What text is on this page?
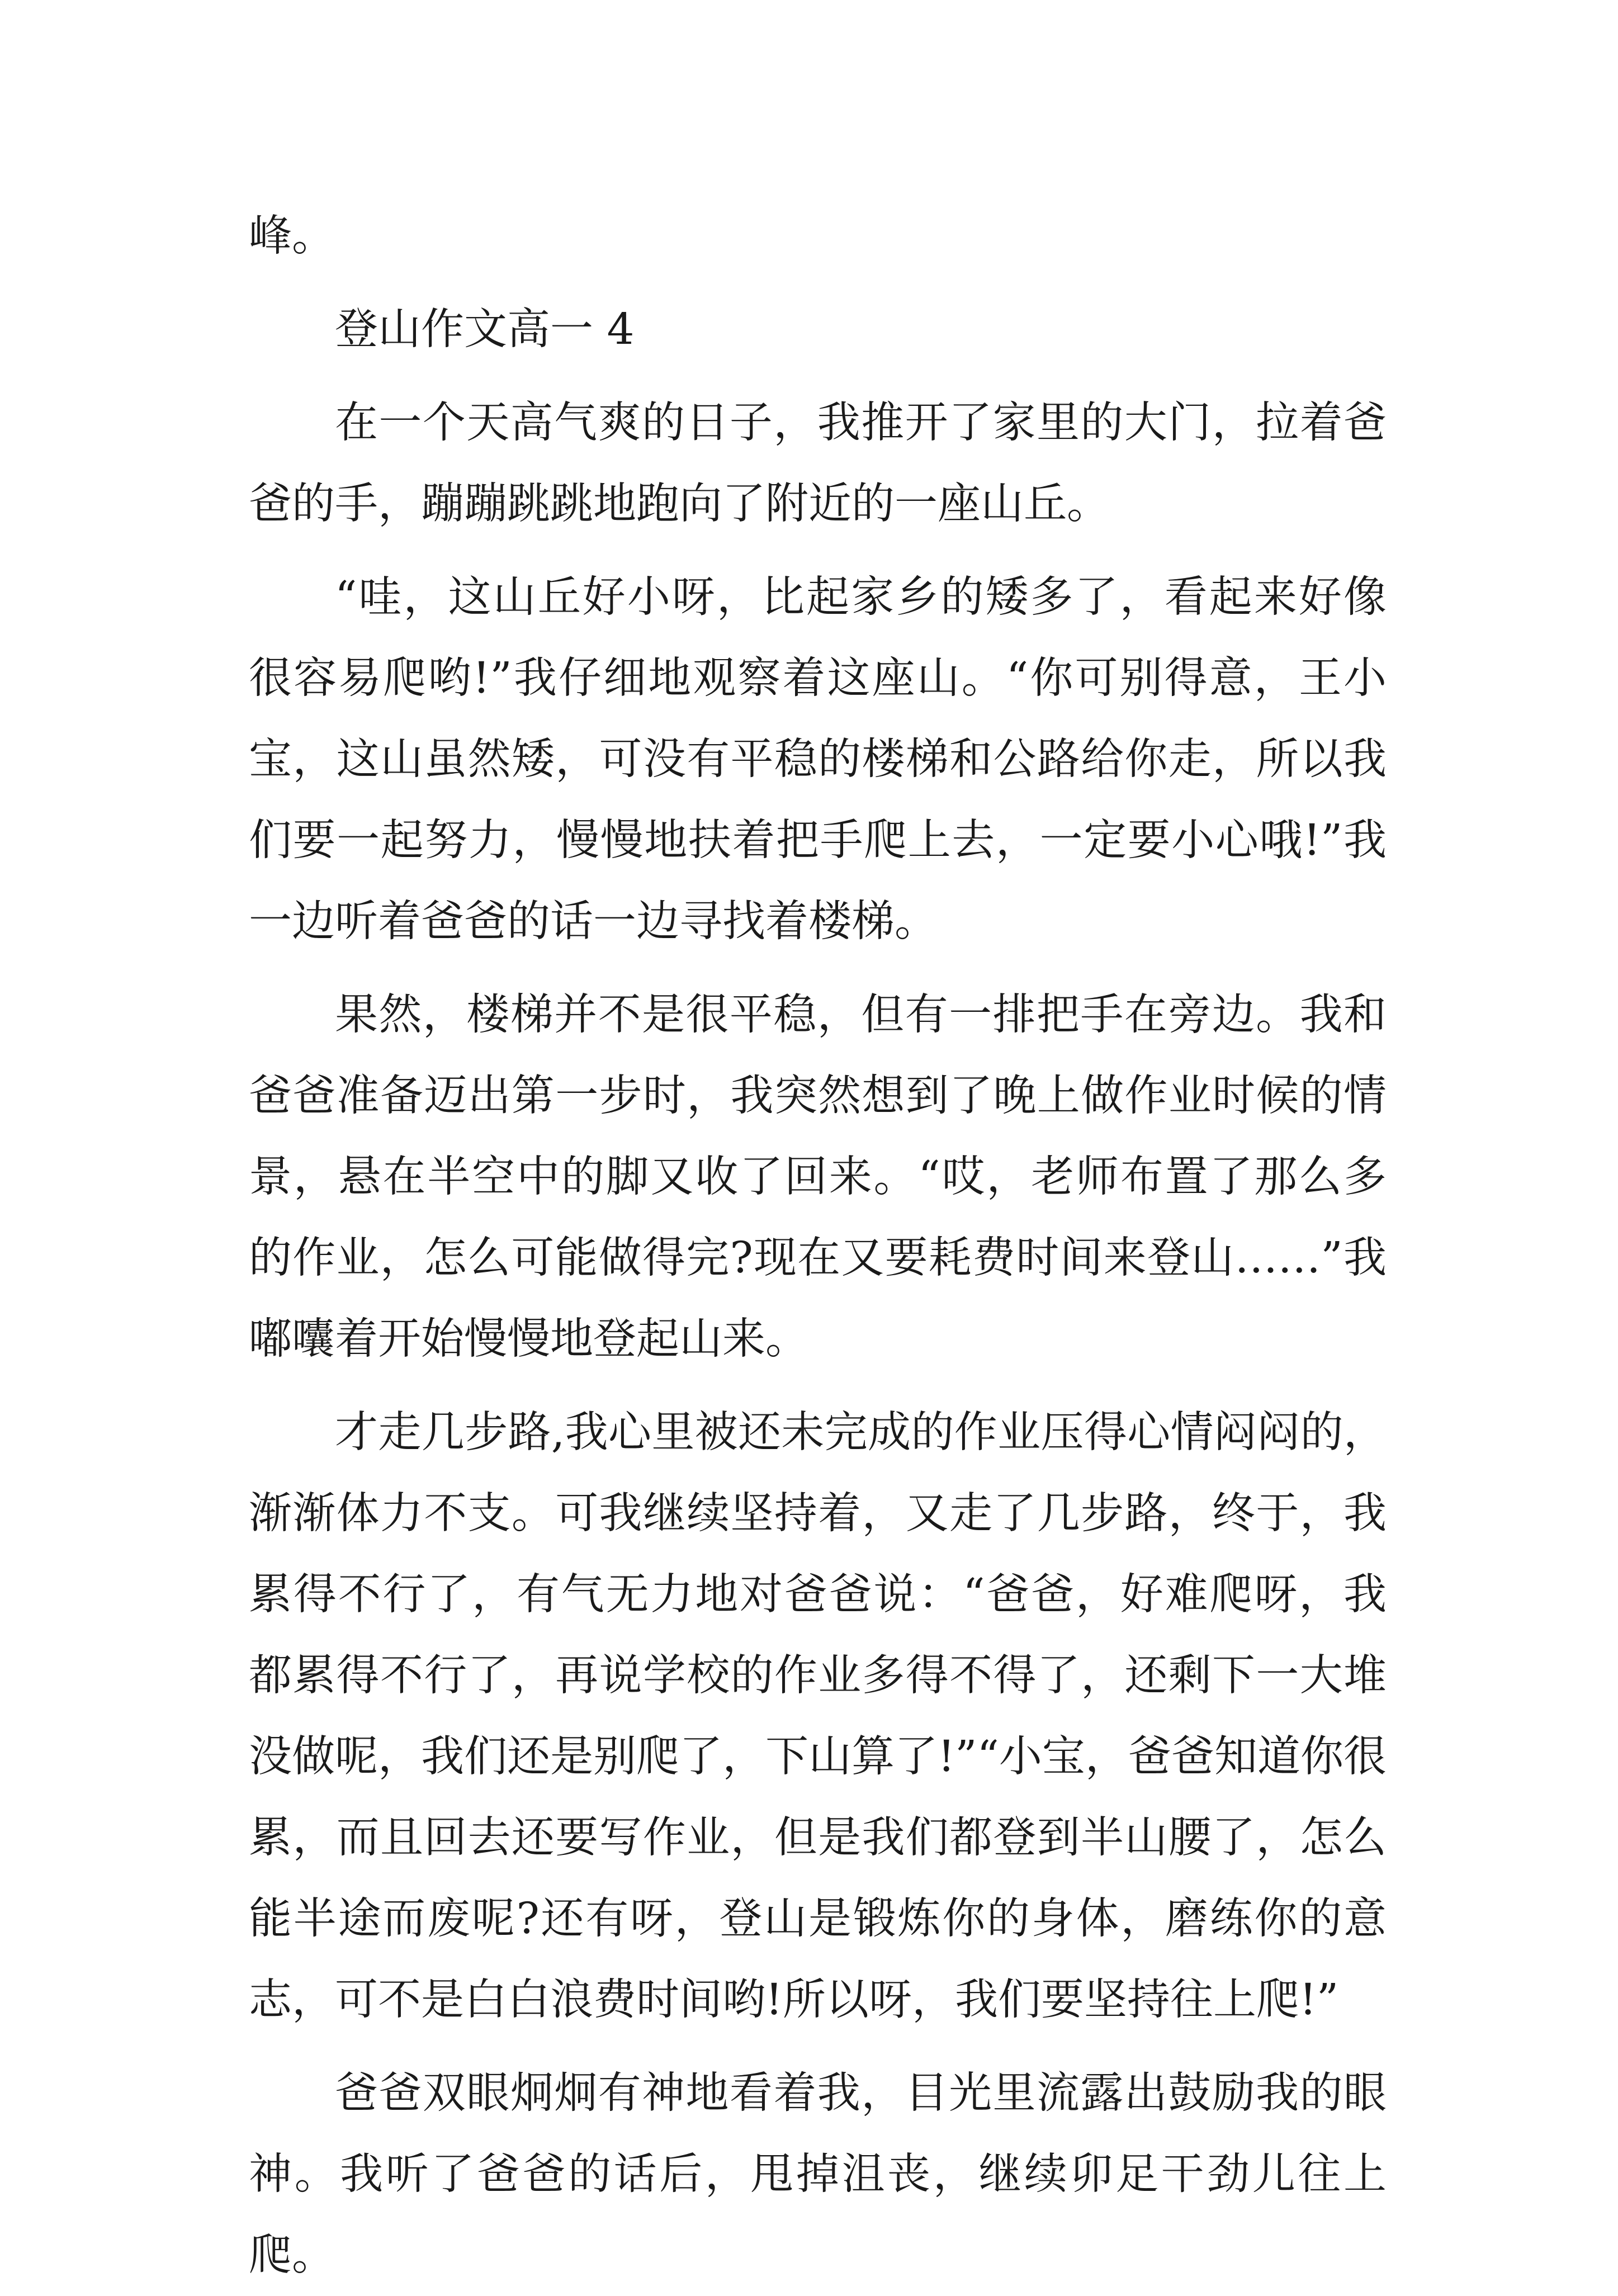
峰。

登山作文高一 4

在一个天高气爽的日子，我推开了家里的大门，拉着爸爸的手，蹦蹦跳跳地跑向了附近的一座山丘。

“哇，这山丘好小呀，比起家乡的矮多了，看起来好像很容易爬哟!”我仔细地观察着这座山。“你可别得意，王小宝，这山虽然矮，可没有平稳的楼梯和公路给你走，所以我们要一起努力，慢慢地扶着把手爬上去，一定要小心哦!”我一边听着爸爸的话一边寻找着楼梯。

果然，楼梯并不是很平稳，但有一排把手在旁边。我和爸爸准备迈出第一步时，我突然想到了晚上做作业时候的情景，悬在半空中的脚又收了回来。“哎，老师布置了那么多的作业，怎么可能做得完?现在又要耗费时间来登山……”我嘟囔着开始慢慢地登起山来。

才走几步路,我心里被还未完成的作业压得心情闷闷的，渐渐体力不支。可我继续坚持着，又走了几步路，终于，我累得不行了，有气无力地对爸爸说：“爸爸，好难爬呀，我都累得不行了，再说学校的作业多得不得了，还剩下一大堆没做呢，我们还是别爬了，下山算了!”“小宝，爸爸知道你很累，而且回去还要写作业，但是我们都登到半山腰了，怎么能半途而废呢?还有呀，登山是锻炼你的身体，磨练你的意志，可不是白白浪费时间哟!所以呀，我们要坚持往上爬!”

爸爸双眼炯炯有神地看着我，目光里流露出鼓励我的眼神。我听了爸爸的话后，甩掉沮丧，继续卯足干劲儿往上爬。
